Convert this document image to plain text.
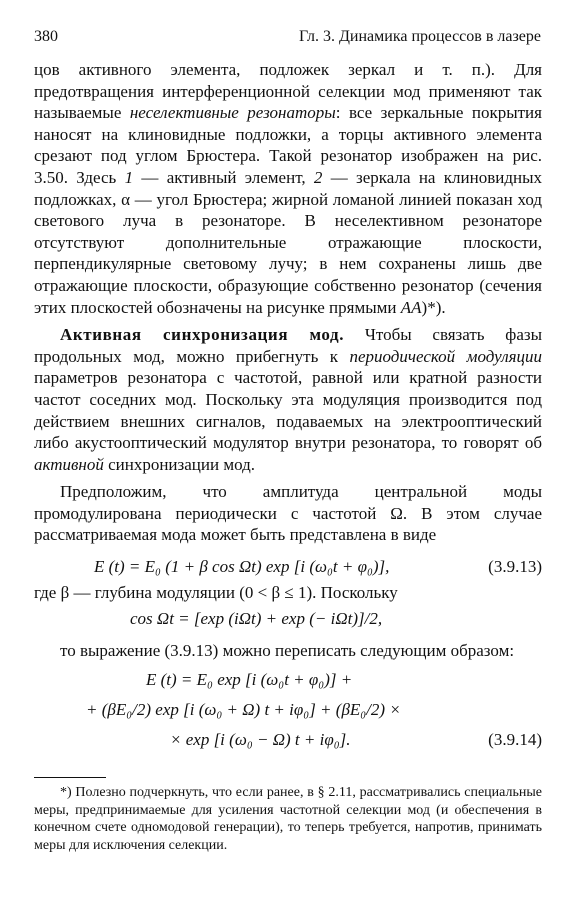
380	Гл. 3. Динамика процессов в лазере

цов активного элемента, подложек зеркал и т. п.). Для предотвращения интерференционной селекции мод применяют так называемые неселективные резонаторы: все зеркальные покрытия наносят на клиновидные подложки, а торцы активного элемента срезают под углом Брюстера. Такой резонатор изображен на рис. 3.50. Здесь 1 — активный элемент, 2 — зеркала на клиновидных подложках, α — угол Брюстера; жирной ломаной линией показан ход светового луча в резонаторе. В неселективном резонаторе отсутствуют дополнительные отражающие плоскости, перпендикулярные световому лучу; в нем сохранены лишь две отражающие плоскости, образующие собственно резонатор (сечения этих плоскостей обозначены на рисунке прямыми AA)*).

Активная синхронизация мод. Чтобы связать фазы продольных мод, можно прибегнуть к периодической модуляции параметров резонатора с частотой, равной или кратной разности частот соседних мод. Поскольку эта модуляция производится под действием внешних сигналов, подаваемых на электрооптический либо акустооптический модулятор внутри резонатора, то говорят об активной синхронизации мод.

Предположим, что амплитуда центральной моды промодулирована периодически с частотой Ω. В этом случае рассматриваемая мода может быть представлена в виде

E (t) = E₀ (1 + β cos Ωt) exp [i (ω₀t + φ₀)],	(3.9.13)

где β — глубина модуляции (0 < β ≤ 1). Поскольку

cos Ωt = [exp (iΩt) + exp (− iΩt)]/2,

то выражение (3.9.13) можно переписать следующим образом:

E (t) = E₀ exp [i (ω₀t + φ₀)] +
+ (βE₀/2) exp [i (ω₀ + Ω) t + iφ₀] + (βE₀/2) ×
× exp [i (ω₀ − Ω) t + iφ₀].	(3.9.14)

*) Полезно подчеркнуть, что если ранее, в § 2.11, рассматривались специальные меры, предпринимаемые для усиления частотной селекции мод (и обеспечения в конечном счете одномодовой генерации), то теперь требуется, напротив, принимать меры для исключения селекции.
